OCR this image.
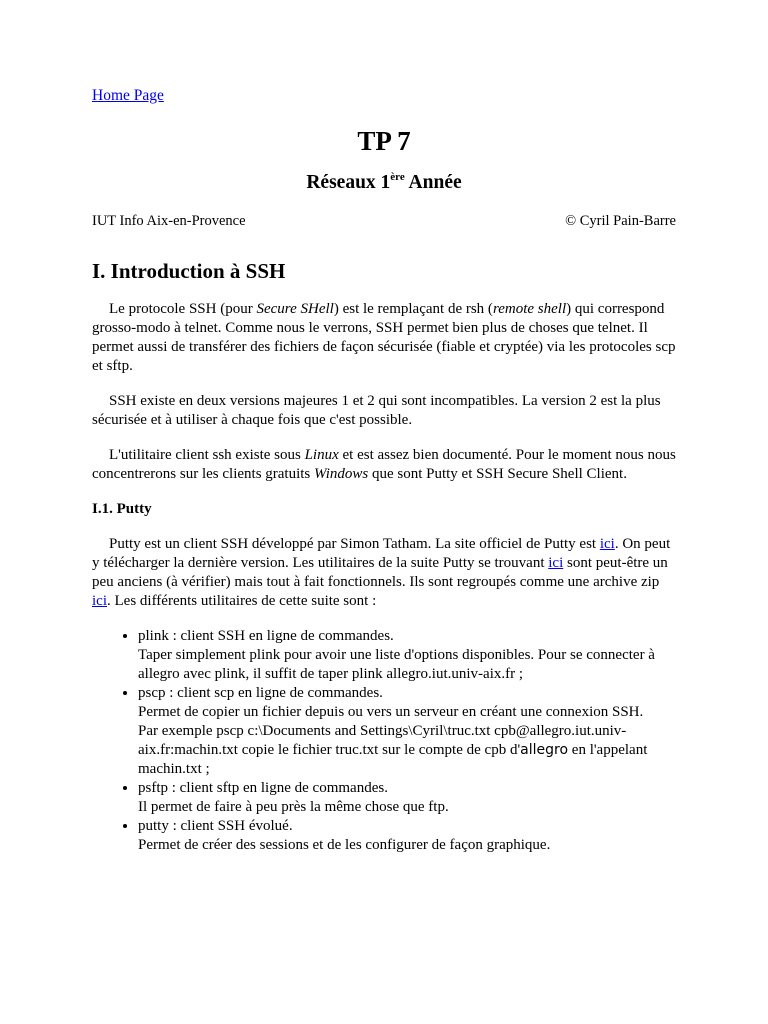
Home Page
TP 7
Réseaux 1ère Année
IUT Info Aix-en-Provence	© Cyril Pain-Barre
I. Introduction à SSH

Le protocole SSH (pour Secure SHell) est le remplaçant de rsh (remote shell) qui correspond grosso-modo à telnet. Comme nous le verrons, SSH permet bien plus de choses que telnet. Il permet aussi de transférer des fichiers de façon sécurisée (fiable et cryptée) via les protocoles scp et sftp.

SSH existe en deux versions majeures 1 et 2 qui sont incompatibles. La version 2 est la plus sécurisée et à utiliser à chaque fois que c'est possible.

L'utilitaire client ssh existe sous Linux et est assez bien documenté. Pour le moment nous nous concentrerons sur les clients gratuits Windows que sont Putty et SSH Secure Shell Client.

I.1. Putty

Putty est un client SSH développé par Simon Tatham. La site officiel de Putty est ici. On peut y télécharger la dernière version. Les utilitaires de la suite Putty se trouvant ici sont peut-être un peu anciens (à vérifier) mais tout à fait fonctionnels. Ils sont regroupés comme une archive zip ici. Les différents utilitaires de cette suite sont :

• plink : client SSH en ligne de commandes.
Taper simplement plink pour avoir une liste d'options disponibles. Pour se connecter à allegro avec plink, il suffit de taper plink allegro.iut.univ-aix.fr ;
• pscp : client scp en ligne de commandes.
Permet de copier un fichier depuis ou vers un serveur en créant une connexion SSH.
Par exemple pscp c:\Documents and Settings\Cyril\truc.txt cpb@allegro.iut.univ-aix.fr:machin.txt copie le fichier truc.txt sur le compte de cpb d'allegro en l'appelant machin.txt ;
• psftp : client sftp en ligne de commandes.
Il permet de faire à peu près la même chose que ftp.
• putty : client SSH évolué.
Permet de créer des sessions et de les configurer de façon graphique.
